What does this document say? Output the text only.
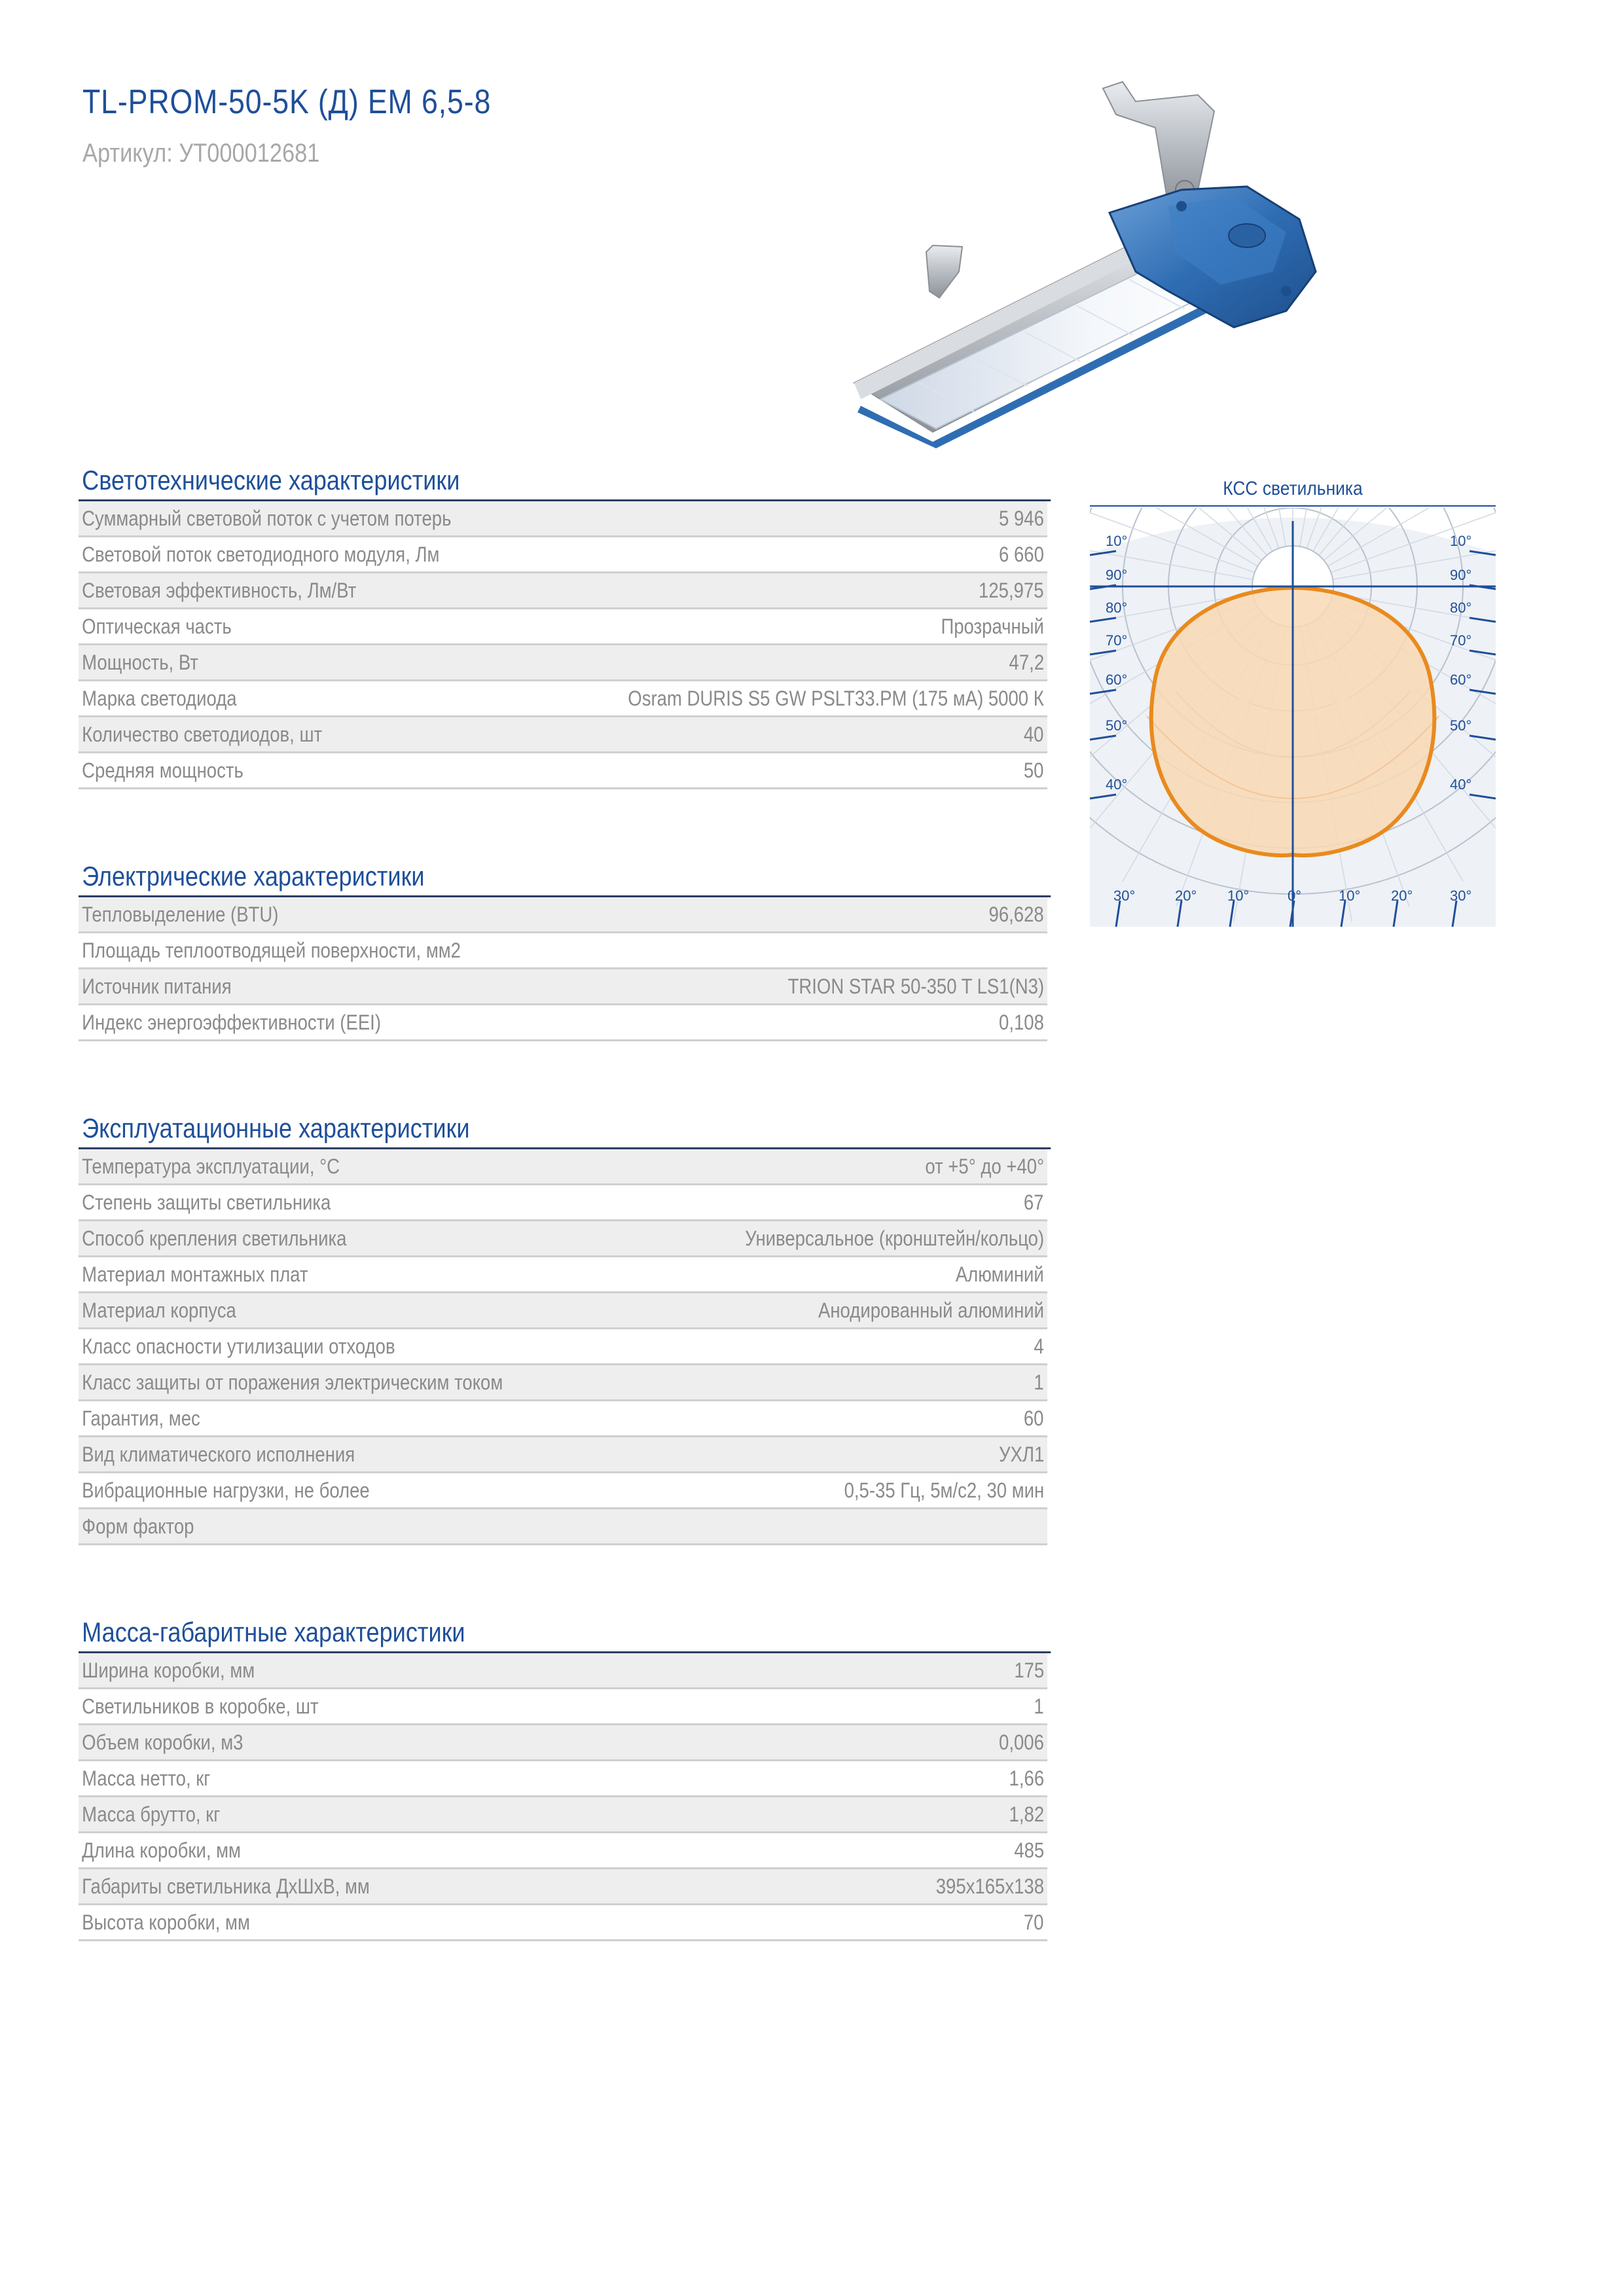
TL-PROM-50-5K (Д) EM 6,5-8
Артикул: УТ000012681
Светотехнические характеристики
Суммарный световой поток с учетом потерь	5 946
Световой поток светодиодного модуля, Лм	6 660
Световая эффективность, Лм/Вт	125,975
Оптическая часть	Прозрачный
Мощность, Вт	47,2
Марка светодиода	Osram DURIS S5 GW PSLT33.PM (175 мА) 5000 К
Количество светодиодов, шт	40
Средняя мощность	50
Электрические характеристики
Тепловыделение (BTU)	96,628
Площадь теплоотводящей поверхности, мм2
Источник питания	TRION STAR 50-350 T LS1(N3)
Индекс энергоэффективности (EEI)	0,108
Эксплуатационные характеристики
Температура эксплуатации, °С	от +5° до +40°
Степень защиты светильника	67
Способ крепления светильника	Универсальное (кронштейн/кольцо)
Материал монтажных плат	Алюминий
Материал корпуса	Анодированный алюминий
Класс опасности утилизации отходов	4
Класс защиты от поражения электрическим током	1
Гарантия, мес	60
Вид климатического исполнения	УХЛ1
Вибрационные нагрузки, не более	0,5-35 Гц, 5м/с2, 30 мин
Форм фактор
Масса-габаритные характеристики
Ширина коробки, мм	175
Светильников в коробке, шт	1
Объем коробки, м3	0,006
Масса нетто, кг	1,66
Масса брутто, кг	1,82
Длина коробки, мм	485
Габариты светильника ДхШхВ, мм	395х165х138
Высота коробки, мм	70
КСС светильника
10°
90°
80°
70°
60°
50°
40°
10°
90°
80°
70°
60°
50°
40°
30°	20° 10°	0°	10° 20°	30°
